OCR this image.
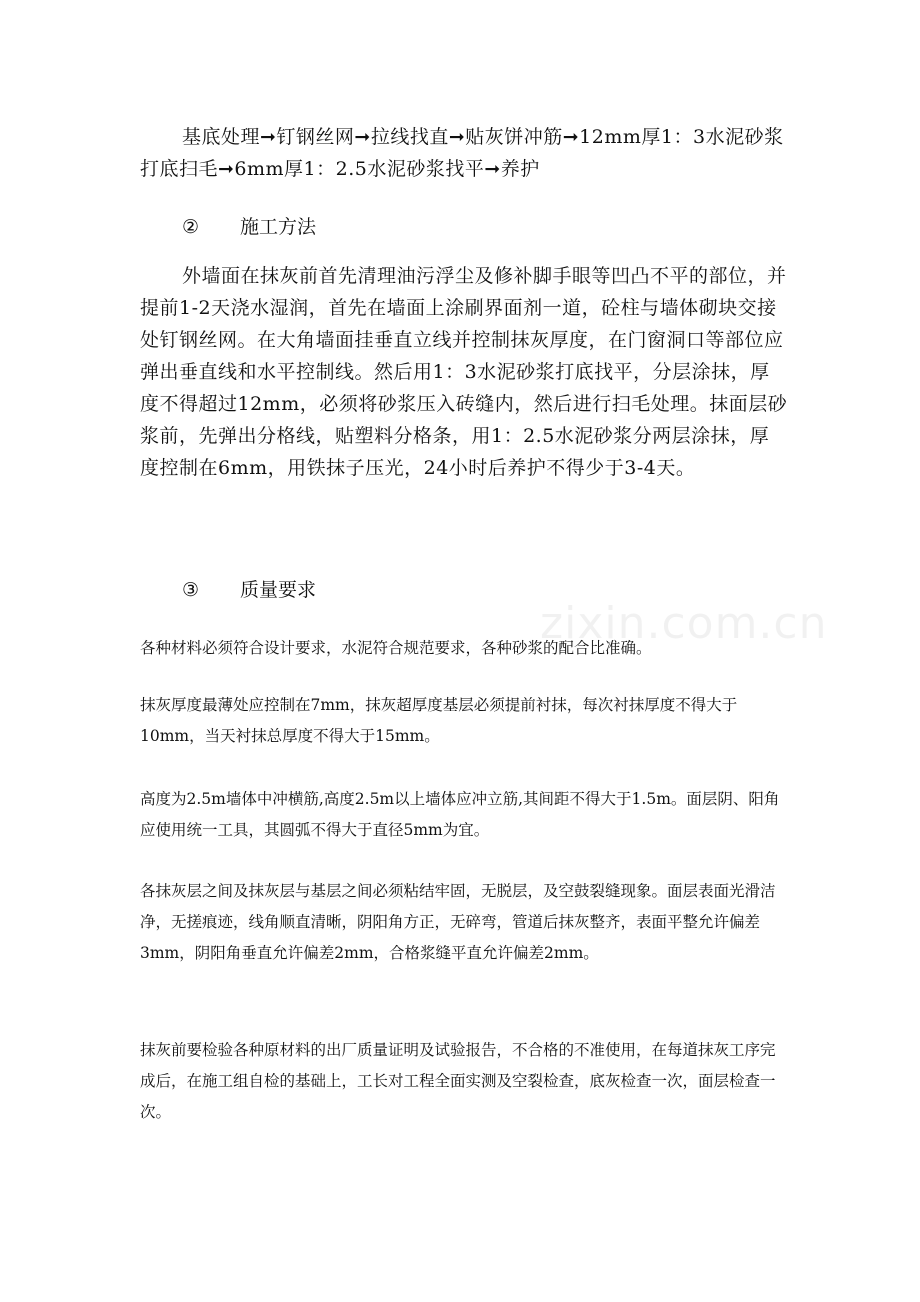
zixin.com.cn

基底处理➞钉钢丝网➞拉线找直➞贴灰饼冲筋➞12mm厚1：3水泥砂浆打底扫毛➞6mm厚1：2.5水泥砂浆找平➞养护

② 施工方法

外墙面在抹灰前首先清理油污浮尘及修补脚手眼等凹凸不平的部位，并提前1-2天浇水湿润，首先在墙面上涂刷界面剂一道，砼柱与墙体砌块交接处钉钢丝网。在大角墙面挂垂直立线并控制抹灰厚度，在门窗洞口等部位应弹出垂直线和水平控制线。然后用1：3水泥砂浆打底找平，分层涂抹，厚度不得超过12mm，必须将砂浆压入砖缝内，然后进行扫毛处理。抹面层砂浆前，先弹出分格线，贴塑料分格条，用1：2.5水泥砂浆分两层涂抹，厚度控制在6mm，用铁抹子压光，24小时后养护不得少于3-4天。

③ 质量要求

各种材料必须符合设计要求，水泥符合规范要求，各种砂浆的配合比准确。

抹灰厚度最薄处应控制在7mm，抹灰超厚度基层必须提前衬抹，每次衬抹厚度不得大于10mm，当天衬抹总厚度不得大于15mm。

高度为2.5m墙体中冲横筋,高度2.5m以上墙体应冲立筋,其间距不得大于1.5m。面层阴、阳角应使用统一工具，其圆弧不得大于直径5mm为宜。

各抹灰层之间及抹灰层与基层之间必须粘结牢固，无脱层，及空鼓裂缝现象。面层表面光滑洁净，无搓痕迹，线角顺直清晰，阴阳角方正，无碎弯，管道后抹灰整齐，表面平整允许偏差3mm，阴阳角垂直允许偏差2mm，合格浆缝平直允许偏差2mm。

抹灰前要检验各种原材料的出厂质量证明及试验报告，不合格的不准使用，在每道抹灰工序完成后，在施工组自检的基础上，工长对工程全面实测及空裂检查，底灰检查一次，面层检查一次。
